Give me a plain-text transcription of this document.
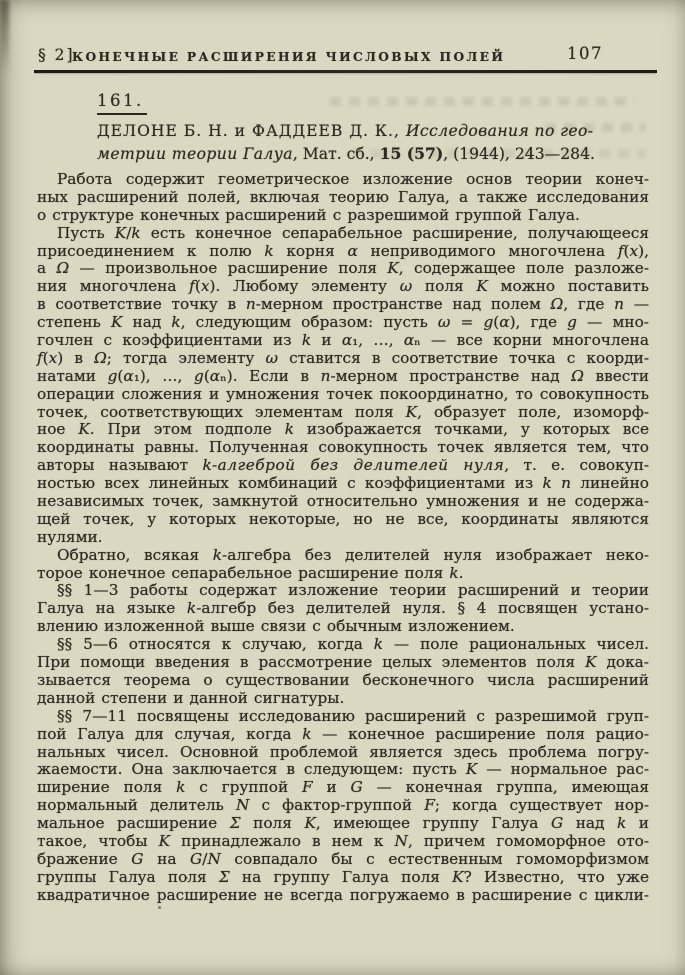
§ 2]
КОНЕЧНЫЕ РАСШИРЕНИЯ ЧИСЛОВЫХ ПОЛЕЙ	107
161.
ДЕЛОНЕ Б. Н. и ФАДДЕЕВ Д. К., Исследования по гео-
метрии теории Галуа, Мат. сб., 15 (57), (1944), 243—284.
Работа содержит геометрическое изложение основ теории конеч-
ных расширений полей, включая теорию Галуа, а также исследования
о структуре конечных расширений с разрешимой группой Галуа.
Пусть K/k есть конечное сепарабельное расширение, получающееся
присоединением к полю k корня α неприводимого многочлена f(x),
а Ω — произвольное расширение поля K, содержащее поле разложе-
ния многочлена f(x). Любому элементу ω поля K можно поставить
в соответствие точку в n-мерном пространстве над полем Ω, где n —
степень K над k, следующим образом: пусть ω = g(α), где g — мно-
гочлен с коэффициентами из k и α₁, …, αₙ — все корни многочлена
f(x) в Ω; тогда элементу ω ставится в соответствие точка с коорди-
натами g(α₁), …, g(αₙ). Если в n-мерном пространстве над Ω ввести
операции сложения и умножения точек покоординатно, то совокупность
точек, соответствующих элементам поля K, образует поле, изоморф-
ное K. При этом подполе k изображается точками, у которых все
координаты равны. Полученная совокупность точек является тем, что
авторы называют k-алгеброй без делителей нуля, т. е. совокуп-
ностью всех линейных комбинаций с коэффициентами из k n линейно
независимых точек, замкнутой относительно умножения и не содержа-
щей точек, у которых некоторые, но не все, координаты являются
нулями.
Обратно, всякая k-алгебра без делителей нуля изображает неко-
торое конечное сепарабельное расширение поля k.
§§ 1—3 работы содержат изложение теории расширений и теории
Галуа на языке k-алгебр без делителей нуля. § 4 посвящен устано-
влению изложенной выше связи с обычным изложением.
§§ 5—6 относятся к случаю, когда k — поле рациональных чисел.
При помощи введения в рассмотрение целых элементов поля K дока-
зывается теорема о существовании бесконечного числа расширений
данной степени и данной сигнатуры.
§§ 7—11 посвящены исследованию расширений с разрешимой груп-
пой Галуа для случая, когда k — конечное расширение поля рацио-
нальных чисел. Основной проблемой является здесь проблема погру-
жаемости. Она заключается в следующем: пусть K — нормальное рас-
ширение поля k с группой F и G — конечная группа, имеющая
нормальный делитель N с фактор-группой F; когда существует нор-
мальное расширение Σ поля K, имеющее группу Галуа G над k и
такое, чтобы K принадлежало в нем к N, причем гомоморфное ото-
бражение G на G/N совпадало бы с естественным гомоморфизмом
группы Галуа поля Σ на группу Галуа поля K? Известно, что уже
квадратичное расширение не всегда погружаемо в расширение с цикли-
